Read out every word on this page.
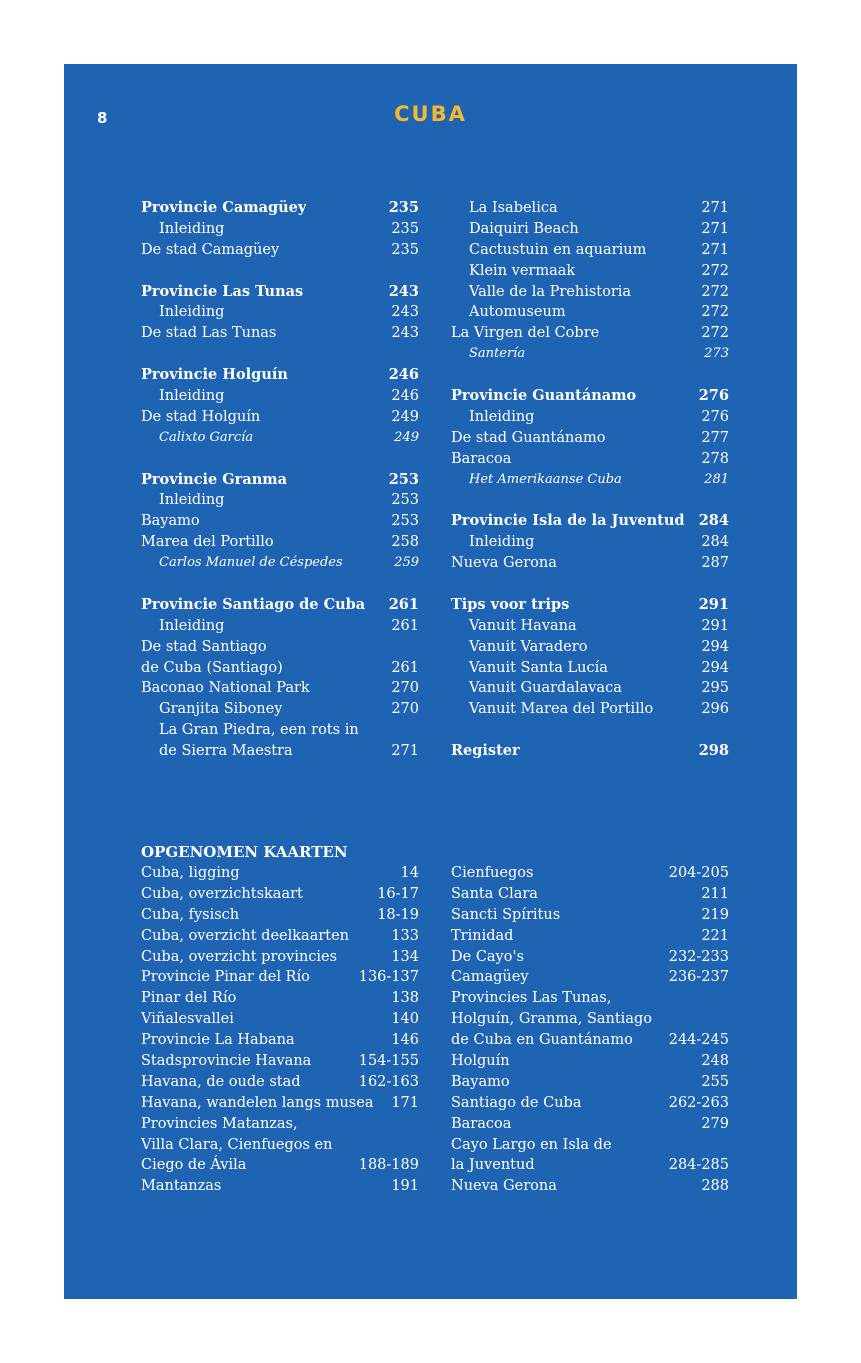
8	CUBA
Provincie Camagüey	235
Inleiding	235
De stad Camagüey	235
Provincie Las Tunas	243
Inleiding	243
De stad Las Tunas	243
Provincie Holguín	246
Inleiding	246
De stad Holguín	249
Calixto García	249
Provincie Granma	253
Inleiding	253
Bayamo	253
Marea del Portillo	258
Carlos Manuel de Céspedes	259
Provincie Santiago de Cuba	261
Inleiding	261
De stad Santiago
de Cuba (Santiago)	261
Baconao National Park	270
Granjita Siboney	270
La Gran Piedra, een rots in
de Sierra Maestra	271
La Isabelica	271
Daiquiri Beach	271
Cactustuin en aquarium	271
Klein vermaak	272
Valle de la Prehistoria	272
Automuseum	272
La Virgen del Cobre	272
Santería	273
Provincie Guantánamo	276
Inleiding	276
De stad Guantánamo	277
Baracoa	278
Het Amerikaanse Cuba	281
Provincie Isla de la Juventud 284
Inleiding	284
Nueva Gerona	287
Tips voor trips	291
Vanuit Havana	291
Vanuit Varadero	294
Vanuit Santa Lucía	294
Vanuit Guardalavaca	295
Vanuit Marea del Portillo	296
Register	298
OPGENOMEN KAARTEN
Cuba, ligging	14
Cuba, overzichtskaart	16-17
Cuba, fysisch	18-19
Cuba, overzicht deelkaarten	133
Cuba, overzicht provincies	134
Provincie Pinar del Río	136-137
Pinar del Río	138
Viñalesvallei	140
Provincie La Habana	146
Stadsprovincie Havana	154-155
Havana, de oude stad	162-163
Havana, wandelen langs musea	171
Provincies Matanzas,
Villa Clara, Cienfuegos en
Ciego de Ávila	188-189
Mantanzas	191
Cienfuegos	204-205
Santa Clara	211
Sancti Spíritus	219
Trinidad	221
De Cayo's	232-233
Camagüey	236-237
Provincies Las Tunas,
Holguín, Granma, Santiago
de Cuba en Guantánamo	244-245
Holguín	248
Bayamo	255
Santiago de Cuba	262-263
Baracoa	279
Cayo Largo en Isla de
la Juventud	284-285
Nueva Gerona	288
